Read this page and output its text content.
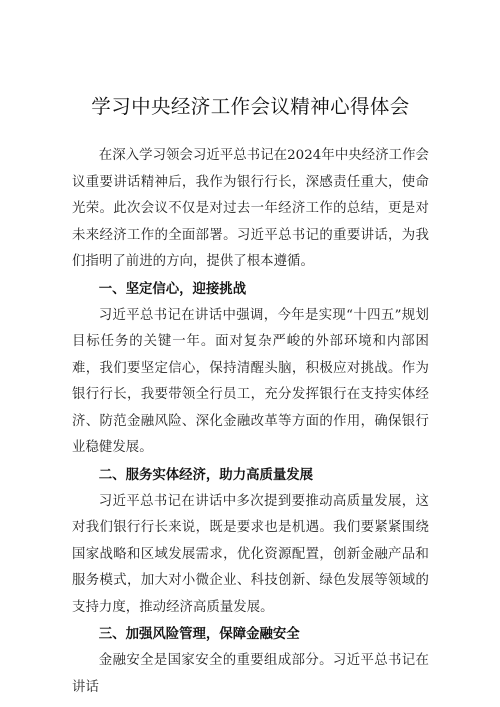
学习中央经济工作会议精神心得体会

在深入学习领会习近平总书记在2024年中央经济工作会议重要讲话精神后，我作为银行行长，深感责任重大，使命光荣。此次会议不仅是对过去一年经济工作的总结，更是对未来经济工作的全面部署。习近平总书记的重要讲话，为我们指明了前进的方向，提供了根本遵循。

一、坚定信心，迎接挑战

习近平总书记在讲话中强调，今年是实现“十四五”规划目标任务的关键一年。面对复杂严峻的外部环境和内部困难，我们要坚定信心，保持清醒头脑，积极应对挑战。作为银行行长，我要带领全行员工，充分发挥银行在支持实体经济、防范金融风险、深化金融改革等方面的作用，确保银行业稳健发展。

二、服务实体经济，助力高质量发展

习近平总书记在讲话中多次提到要推动高质量发展，这对我们银行行长来说，既是要求也是机遇。我们要紧紧围绕国家战略和区域发展需求，优化资源配置，创新金融产品和服务模式，加大对小微企业、科技创新、绿色发展等领域的支持力度，推动经济高质量发展。

三、加强风险管理，保障金融安全

金融安全是国家安全的重要组成部分。习近平总书记在讲话
